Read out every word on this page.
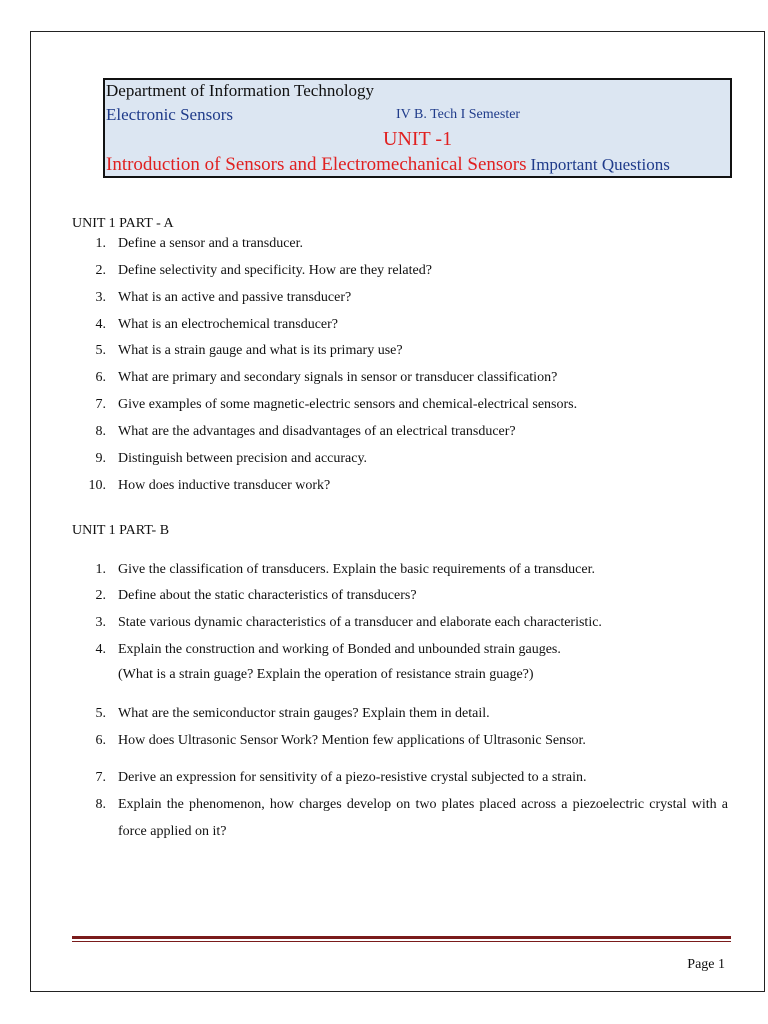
Department of Information Technology
Electronic Sensors	IV B. Tech I Semester
UNIT -1
Introduction of Sensors and Electromechanical Sensors Important Questions
UNIT 1 PART - A
1. Define a sensor and a transducer.
2. Define selectivity and specificity. How are they related?
3. What is an active and passive transducer?
4. What is an electrochemical transducer?
5. What is a strain gauge and what is its primary use?
6. What are primary and secondary signals in sensor or transducer classification?
7. Give examples of some magnetic-electric sensors and chemical-electrical sensors.
8. What are the advantages and disadvantages of an electrical transducer?
9. Distinguish between precision and accuracy.
10. How does inductive transducer work?
UNIT 1 PART- B
1. Give the classification of transducers. Explain the basic requirements of a transducer.
2. Define about the static characteristics of transducers?
3. State various dynamic characteristics of a transducer and elaborate each characteristic.
4. Explain the construction and working of Bonded and unbounded strain gauges.
5. What are the semiconductor strain gauges? Explain them in detail.
6. How does Ultrasonic Sensor Work? Mention few applications of Ultrasonic Sensor.
7. Derive an expression for sensitivity of a piezo-resistive crystal subjected to a strain.
8. Explain the phenomenon, how charges develop on two plates placed across a piezoelectric crystal with a force applied on it?
(What is a strain guage? Explain the operation of resistance strain guage?)
Page 1
